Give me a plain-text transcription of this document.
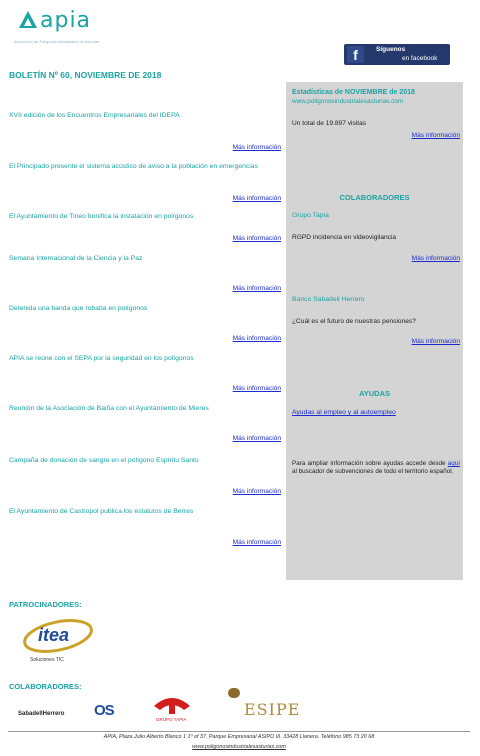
apia
Asociación de Polígonos Industriales de Asturias
f	Síguenos
en facebook
BOLETÍN Nº 60, NOVIEMBRE DE 2018
XVII edición de los Encuentros Empresariales del IDEPA
Más información
El Principado presente el sistema acústico de aviso a la población en emergencias
Más información
El Ayuntamiento de Tineo bonifica la instalación en polígonos
Más información
Semana Internacional de la Ciencia y la Paz
Más información
Detenida una banda que robaba en polígonos
Más información
APIA se reúne con el SEPA por la seguridad en los polígonos
Más información
Reunión de la Asociación de Baiña con el Ayuntamiento de Mieres
Más información
Campaña de donación de sangre en el polígono Espíritu Santo
Más información
El Ayuntamiento de Castropol publica los estatutos de Berres
Más información
Estadísticas de NOVIEMBRE de 2018
www.poligonosindustrialesasturias.com
Un total de 19.897 visitas
Más información
COLABORADORES
Grupo Tapia
RGPD incidencia en videovigilancia
Más información
Banco Sabadell Herrero
¿Cuál es el futuro de nuestras pensiones?
Más información
AYUDAS
Ayudas al empleo y al autoempleo
Para ampliar información sobre ayudas accede desde aquí al buscador de subvenciones de todo el territorio español.
PATROCINADORES:
itea
Soluciones TIC
COLABORADORES:
SabadellHerrero OS
GRUPO TAPIA
ESIPE
APIA, Plaza Julio Alberto Blanco 1 1º of 37, Parque Empresarial ASIPO III. 33428 Llanera. Teléfono 985 73 20 68
www.poligonosindustrialesasturias.com
